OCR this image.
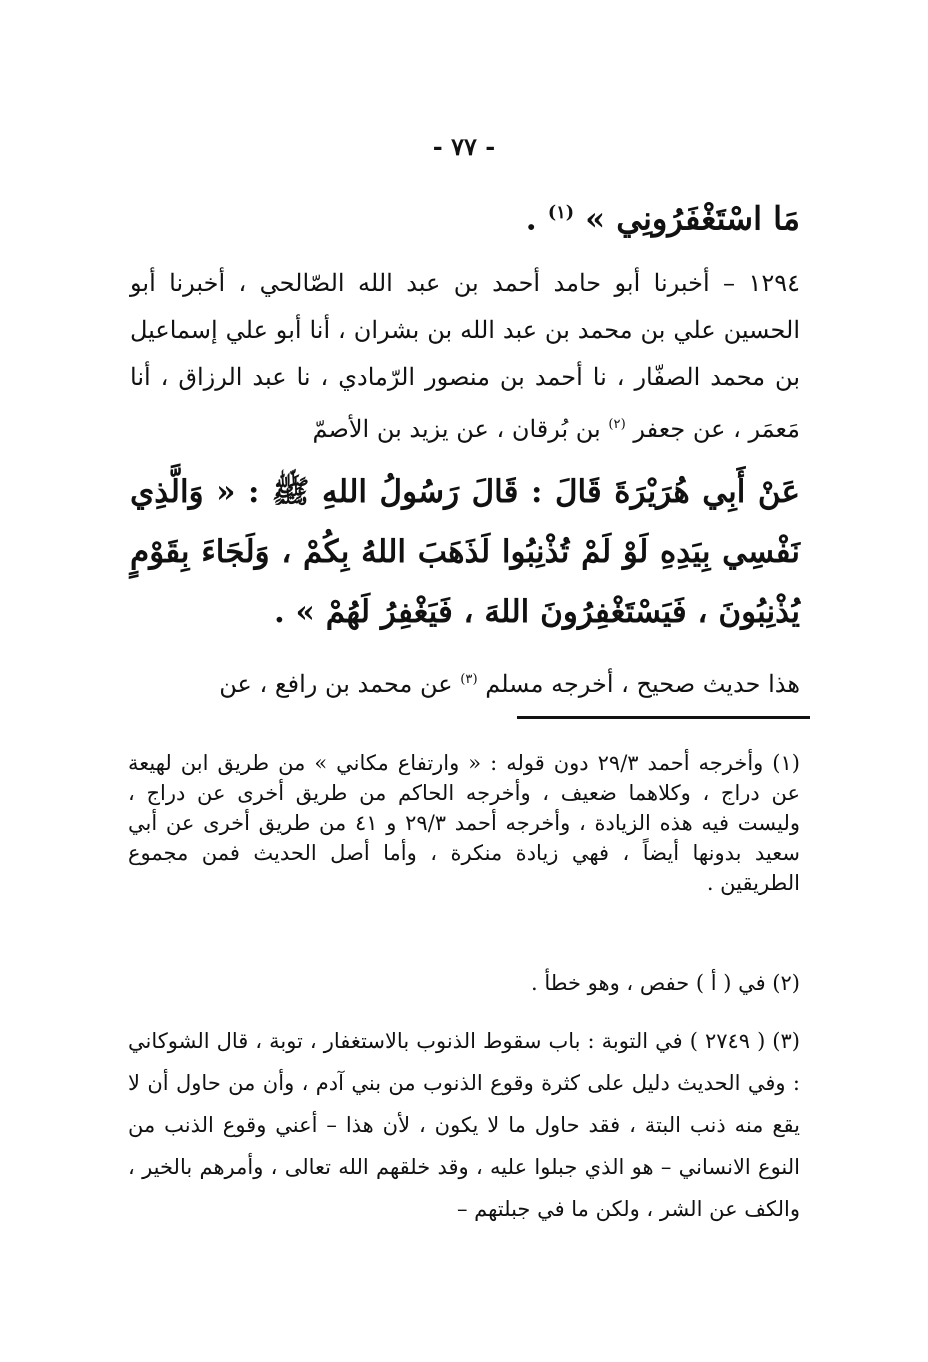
- ٧٧ -

مَا اسْتَغْفَرُونِي » $^{(١)}$ .

١٢٩٤ – أخبرنا أبو حامد أحمد بن عبد الله الصّالحي ، أخبرنا أبو الحسين علي بن محمد بن عبد الله بن بشران ، أنا أبو علي إسماعيل بن محمد الصفّار ، نا أحمد بن منصور الرّمادي ، نا عبد الرزاق ، أنا مَعمَر ، عن جعفر $^{(٢)}$ بن بُرقان ، عن يزيد بن الأصمّ

عَنْ أَبِي هُرَيْرَةَ قَالَ : قَالَ رَسُولُ اللهِ ﷺ : « وَالَّذِي نَفْسِي بِيَدِهِ لَوْ لَمْ تُذْنِبُوا لَذَهَبَ اللهُ بِكُمْ ، وَلَجَاءَ بِقَوْمٍ يُذْنِبُونَ ، فَيَسْتَغْفِرُونَ اللهَ ، فَيَغْفِرُ لَهُمْ » .

هذا حديث صحيح ، أخرجه مسلم $^{(٣)}$ عن محمد بن رافع ، عن

(١) وأخرجه أحمد ٢٩/٣ دون قوله : « وارتفاع مكاني » من طريق ابن لهيعة عن دراج ، وكلاهما ضعيف ، وأخرجه الحاكم من طريق أخرى عن دراج ، وليست فيه هذه الزيادة ، وأخرجه أحمد ٢٩/٣ و ٤١ من طريق أخرى عن أبي سعيد بدونها أيضاً ، فهي زيادة منكرة ، وأما أصل الحديث فمن مجموع الطريقين .

(٢) في ( أ ) حفص ، وهو خطأ .

(٣) ( ٢٧٤٩ ) في التوبة : باب سقوط الذنوب بالاستغفار ، توبة ، قال الشوكاني : وفي الحديث دليل على كثرة وقوع الذنوب من بني آدم ، وأن من حاول أن لا يقع منه ذنب البتة ، فقد حاول ما لا يكون ، لأن هذا – أعني وقوع الذنب من النوع الانساني – هو الذي جبلوا عليه ، وقد خلقهم الله تعالى ، وأمرهم بالخير ، والكف عن الشر ، ولكن ما في جبلتهم –
